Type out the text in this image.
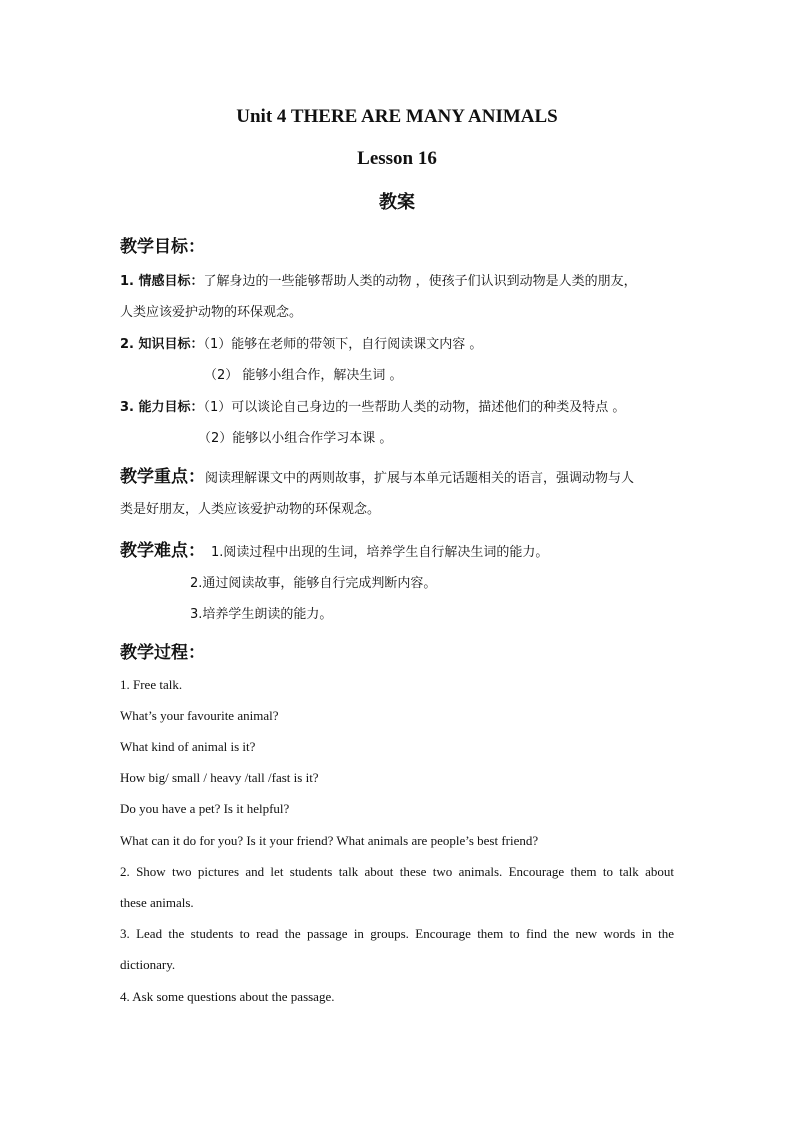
Unit 4 THERE ARE MANY ANIMALS
Lesson 16
教案
教学目标：
1. 情感目标：了解身边的一些能够帮助人类的动物 ，使孩子们认识到动物是人类的朋友，
人类应该爱护动物的环保观念。
2. 知识目标：（1）能够在老师的带领下，自行阅读课文内容 。
（2） 能够小组合作，解决生词 。
3. 能力目标：（1）可以谈论自己身边的一些帮助人类的动物，描述他们的种类及特点 。
（2）能够以小组合作学习本课 。
教学重点：阅读理解课文中的两则故事，扩展与本单元话题相关的语言，强调动物与人
类是好朋友，人类应该爱护动物的环保观念。
教学难点： 1.阅读过程中出现的生词，培养学生自行解决生词的能力。
2.通过阅读故事，能够自行完成判断内容。
3.培养学生朗读的能力。
教学过程：
1. Free talk.
What’s your favourite animal?
What kind of animal is it?
How big/ small / heavy /tall /fast is it?
Do you have a pet? Is it helpful?
What can it do for you? Is it your friend? What animals are people’s best friend?
2. Show two pictures and let students talk about these two animals. Encourage them to talk about
these animals.
3. Lead the students to read the passage in groups. Encourage them to find the new words in the
dictionary.
4. Ask some questions about the passage.
